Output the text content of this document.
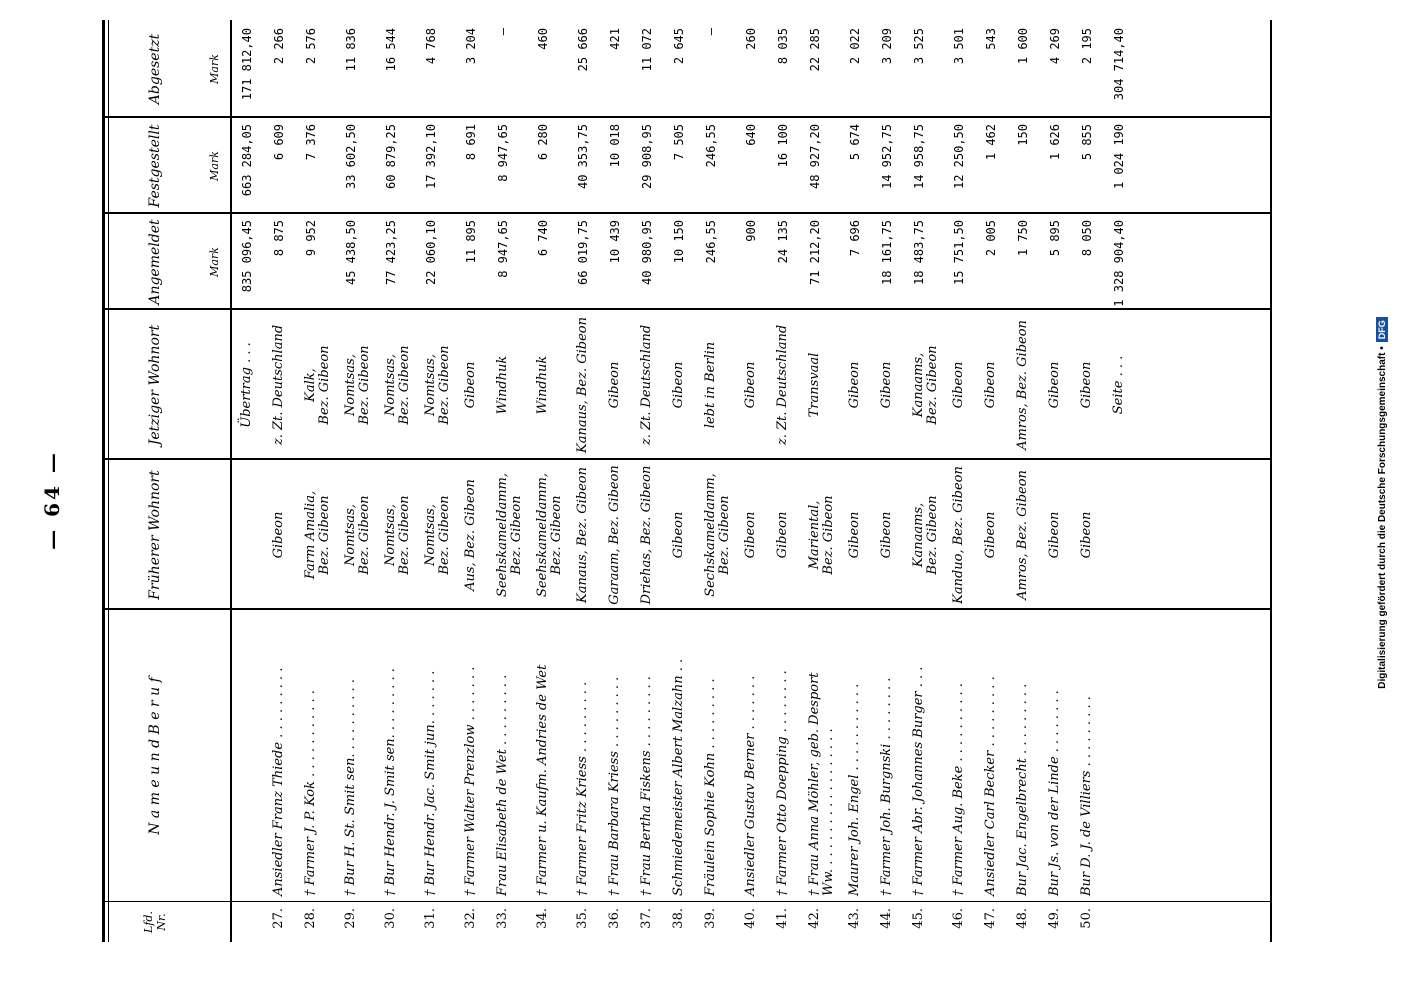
— 64 —
Lfd.
Nr.
N a m e u n d B e r u f
Früherer Wohnort
Jetziger Wohnort
Angemeldet
Festgestellt
Abgesetzt
Mark
Mark
Mark
Übertrag . . .
835 096,45
663 284,05
171 812,40
27.
Ansiedler Franz Thiede . . . . . . . . .
Gibeon
z. Zt. Deutschland
8 875
6 609
2 266
28.
† Farmer J. P. Kok . . . . . . . . . . .
Farm Amalia,
Bez. Gibeon
Kalk,
Bez. Gibeon
9 952
7 376
2 576
29.
† Bur H. St. Smit sen. . . . . . . . . .
Nomtsas,
Bez. Gibeon
Nomtsas,
Bez. Gibeon
45 438,50
33 602,50
11 836
30.
† Bur Hendr. J. Smit sen. . . . . . . . .
Nomtsas,
Bez. Gibeon
Nomtsas,
Bez. Gibeon
77 423,25
60 879,25
16 544
31.
† Bur Hendr. Jac. Smit jun. . . . . . .
Nomtsas,
Bez. Gibeon
Nomtsas,
Bez. Gibeon
22 060,10
17 392,10
4 768
32.
† Farmer Walter Prenzlow . . . . . . .
Aus, Bez. Gibeon
Gibeon
11 895
8 691
3 204
33.
Frau Elisabeth de Wet . . . . . . . . .
Seehskameldamm,
Bez. Gibeon
Windhuk
8 947,65
8 947,65
—
34.
† Farmer u. Kaufm. Andries de Wet
Seehskameldamm,
Bez. Gibeon
Windhuk
6 740
6 280
460
35.
† Farmer Fritz Kriess . . . . . . . . .
Kanaus, Bez. Gibeon
Kanaus, Bez. Gibeon
66 019,75
40 353,75
25 666
36.
† Frau Barbara Kriess . . . . . . . . .
Garaam, Bez. Gibeon
Gibeon
10 439
10 018
421
37.
† Frau Bertha Fiskens . . . . . . . . .
Driehas, Bez. Gibeon
z. Zt. Deutschland
40 980,95
29 908,95
11 072
38.
Schmiedemeister Albert Malzahn . .
Gibeon
Gibeon
10 150
7 505
2 645
39.
Fräulein Sophie Kohn . . . . . . . . .
Sechskameldamm,
Bez. Gibeon
lebt in Berlin
246,55
246,55
—
40.
Ansiedler Gustav Berner . . . . . . .
Gibeon
Gibeon
900
640
260
41.
† Farmer Otto Doepping . . . . . . . .
Gibeon
z. Zt. Deutschland
24 135
16 100
8 035
42.
† Frau Anna Möhler, geb. Desport
Ww. . . . . . . . . . . . . . . . . .
Mariental,
Bez. Gibeon
Transvaal
71 212,20
48 927,20
22 285
43.
Maurer Joh. Engel . . . . . . . . . . .
Gibeon
Gibeon
7 696
5 674
2 022
44.
† Farmer Joh. Burgnski . . . . . . . .
Gibeon
Gibeon
18 161,75
14 952,75
3 209
45.
† Farmer Abr. Johannes Burger . . .
Kanaams,
Bez. Gibeon
Kanaams,
Bez. Gibeon
18 483,75
14 958,75
3 525
46.
† Farmer Aug. Beke . . . . . . . . . .
Kanduo, Bez. Gibeon
Gibeon
15 751,50
12 250,50
3 501
47.
Ansiedler Carl Becker . . . . . . . . .
Gibeon
Gibeon
2 005
1 462
543
48.
Bur Jac. Engelbrecht . . . . . . . . .
Amros, Bez. Gibeon
Amros, Bez. Gibeon
1 750
150
1 600
49.
Bur Js. von der Linde . . . . . . . .
Gibeon
Gibeon
5 895
1 626
4 269
50.
Bur D. J. de Villiers . . . . . . . . .
Gibeon
Gibeon
8 050
5 855
2 195
Seite . . .
1 328 904,40
1 024 190
304 714,40
Digitalisierung gefördert durch die Deutsche Forschungsgemeinschaft •
DFG
